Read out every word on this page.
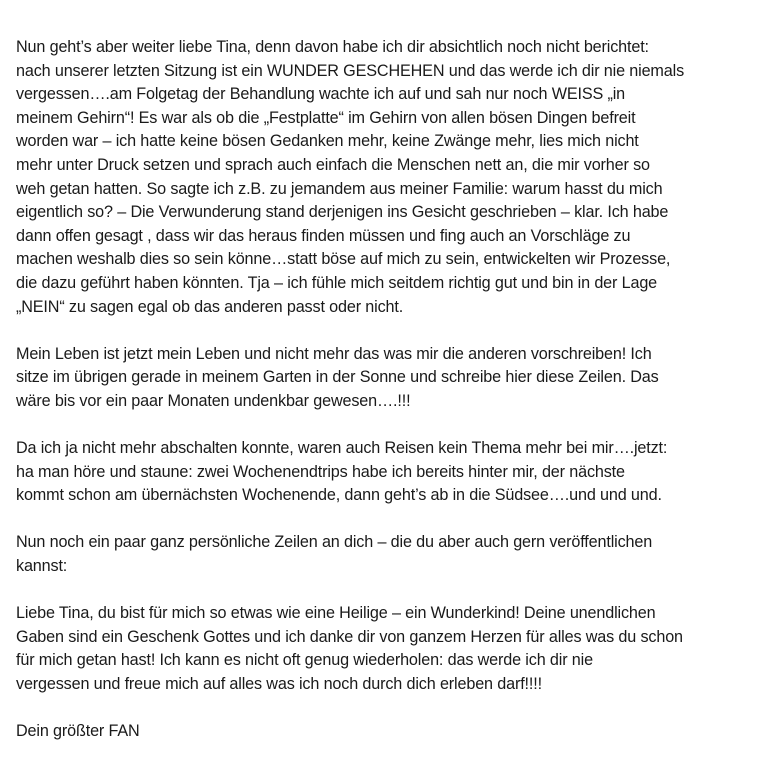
Nun geht’s aber weiter liebe Tina, denn davon habe ich dir absichtlich noch nicht berichtet:
nach unserer letzten Sitzung ist ein WUNDER GESCHEHEN und das werde ich dir nie niemals
vergessen….am Folgetag der Behandlung wachte ich auf und sah nur noch WEISS „in
meinem Gehirn“! Es war als ob die „Festplatte“ im Gehirn von allen bösen Dingen befreit
worden war – ich hatte keine bösen Gedanken mehr, keine Zwänge mehr, lies mich nicht
mehr unter Druck setzen und sprach auch einfach die Menschen nett an, die mir vorher so
weh getan hatten. So sagte ich z.B. zu jemandem aus meiner Familie: warum hasst du mich
eigentlich so? – Die Verwunderung stand derjenigen ins Gesicht geschrieben – klar. Ich habe
dann offen gesagt , dass wir das heraus finden müssen und fing auch an Vorschläge zu
machen weshalb dies so sein könne…statt böse auf mich zu sein, entwickelten wir Prozesse,
die dazu geführt haben könnten. Tja – ich fühle mich seitdem richtig gut und bin in der Lage
„NEIN“ zu sagen egal ob das anderen passt oder nicht.
Mein Leben ist jetzt mein Leben und nicht mehr das was mir die anderen vorschreiben! Ich
sitze im übrigen gerade in meinem Garten in der Sonne und schreibe hier diese Zeilen. Das
wäre bis vor ein paar Monaten undenkbar gewesen….!!!
Da ich ja nicht mehr abschalten konnte, waren auch Reisen kein Thema mehr bei mir….jetzt:
ha man höre und staune: zwei Wochenendtrips habe ich bereits hinter mir, der nächste
kommt schon am übernächsten Wochenende, dann geht’s ab in die Südsee….und und und.
Nun noch ein paar ganz persönliche Zeilen an dich – die du aber auch gern veröffentlichen
kannst:
Liebe Tina, du bist für mich so etwas wie eine Heilige – ein Wunderkind! Deine unendlichen
Gaben sind ein Geschenk Gottes und ich danke dir von ganzem Herzen für alles was du schon
für mich getan hast! Ich kann es nicht oft genug wiederholen: das werde ich dir nie
vergessen und freue mich auf alles was ich noch durch dich erleben darf!!!!

Dein größter FAN
